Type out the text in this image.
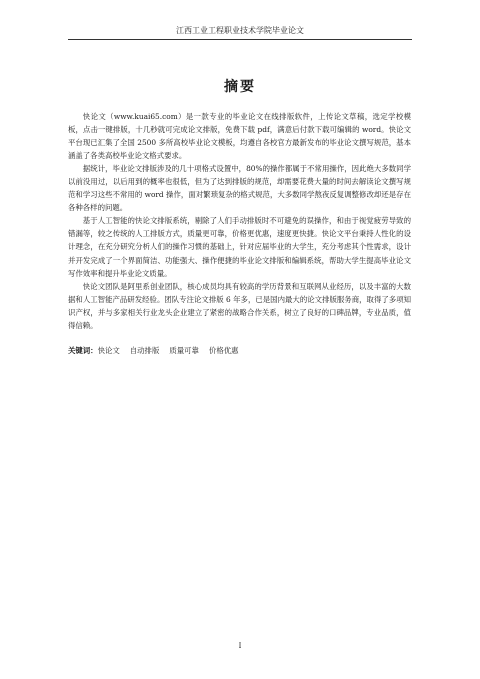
江西工业工程职业技术学院毕业论文
摘要

快论文（www.kuai65.com）是一款专业的毕业论文在线排版软件，上传论文草稿，选定学校模板，点击一键排版，十几秒就可完成论文排版，免费下载 pdf，满意后付款下载可编辑的 word。快论文平台现已汇集了全国 2500 多所高校毕业论文模板，均遵自各校官方最新发布的毕业论文撰写规范，基本涵盖了各类高校毕业论文格式要求。

据统计，毕业论文排版涉及的几十项格式设置中，80%的操作都属于不常用操作，因此绝大多数同学以前没用过，以后用到的概率也很低，但为了达到排版的规范，却需要花费大量的时间去解读论文撰写规范和学习这些不常用的 word 操作，面对繁琐复杂的格式规范，大多数同学熬夜反复调整修改却还是存在各种各样的问题。

基于人工智能的快论文排版系统，剔除了人们手动排版时不可避免的误操作，和由于视觉疲劳导致的错漏等，较之传统的人工排版方式，质量更可靠，价格更优惠，速度更快捷。快论文平台秉持人性化的设计理念，在充分研究分析人们的操作习惯的基础上，针对应届毕业的大学生，充分考虑其个性需求，设计并开发完成了一个界面简洁、功能强大、操作便捷的毕业论文排版和编辑系统，帮助大学生提高毕业论文写作效率和提升毕业论文质量。

快论文团队是阿里系创业团队，核心成员均具有较高的学历背景和互联网从业经历，以及丰富的大数据和人工智能产品研发经验。团队专注论文排版 6 年多，已是国内最大的论文排版服务商，取得了多项知识产权，并与多家相关行业龙头企业建立了紧密的战略合作关系，树立了良好的口碑品牌，专业品质，值得信赖。

关键词：快论文 自动排版 质量可靠 价格优惠
I
